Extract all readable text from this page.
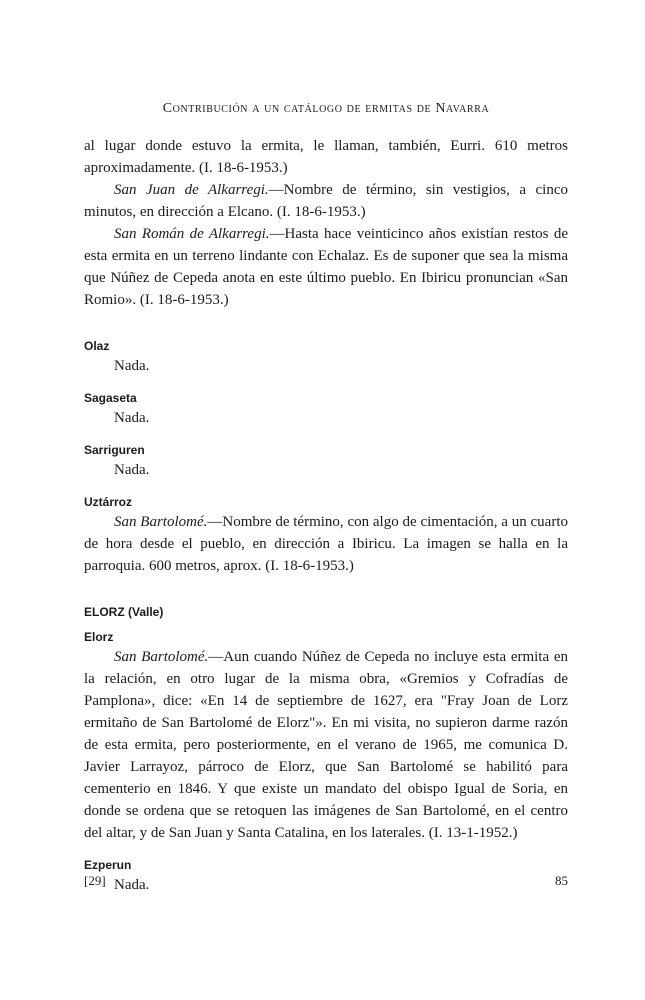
Contribución a un catálogo de ermitas de Navarra

al lugar donde estuvo la ermita, le llaman, también, Eurri. 610 metros aproximadamente. (I. 18-6-1953.)

San Juan de Alkarregi.—Nombre de término, sin vestigios, a cinco minutos, en dirección a Elcano. (I. 18-6-1953.)

San Román de Alkarregi.—Hasta hace veinticinco años existían restos de esta ermita en un terreno lindante con Echalaz. Es de suponer que sea la misma que Núñez de Cepeda anota en este último pueblo. En Ibiricu pronuncian «San Romio». (I. 18-6-1953.)

Olaz

Nada.

Sagaseta

Nada.

Sarriguren

Nada.

Uztárroz

San Bartolomé.—Nombre de término, con algo de cimentación, a un cuarto de hora desde el pueblo, en dirección a Ibiricu. La imagen se halla en la parroquia. 600 metros, aprox. (I. 18-6-1953.)

ELORZ (Valle)
Elorz

San Bartolomé.—Aun cuando Núñez de Cepeda no incluye esta ermita en la relación, en otro lugar de la misma obra, «Gremios y Cofradías de Pamplona», dice: «En 14 de septiembre de 1627, era "Fray Joan de Lorz ermitaño de San Bartolomé de Elorz"». En mi visita, no supieron darme razón de esta ermita, pero posteriormente, en el verano de 1965, me comunica D. Javier Larrayoz, párroco de Elorz, que San Bartolomé se habilitó para cementerio en 1846. Y que existe un mandato del obispo Igual de Soria, en donde se ordena que se retoquen las imágenes de San Bartolomé, en el centro del altar, y de San Juan y Santa Catalina, en los laterales. (I. 13-1-1952.)

Ezperun

Nada.

[29]	85
